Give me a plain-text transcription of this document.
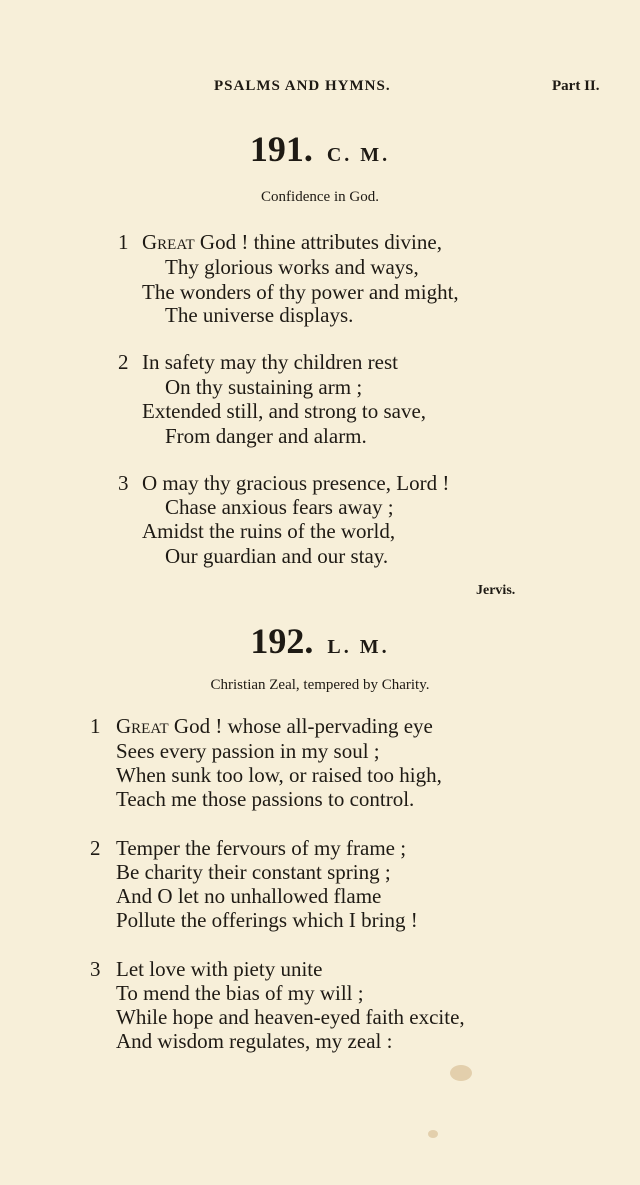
PSALMS AND HYMNS.	Part II.
191. C. M.
Confidence in God.
1 Great God ! thine attributes divine,
Thy glorious works and ways,
The wonders of thy power and might,
The universe displays.
2 In safety may thy children rest
On thy sustaining arm ;
Extended still, and strong to save,
From danger and alarm.
3 O may thy gracious presence, Lord !
Chase anxious fears away ;
Amidst the ruins of the world,
Our guardian and our stay.
Jervis.
192. L. M.
Christian Zeal, tempered by Charity.
1 Great God ! whose all-pervading eye
Sees every passion in my soul ;
When sunk too low, or raised too high,
Teach me those passions to control.
2 Temper the fervours of my frame ;
Be charity their constant spring ;
And O let no unhallowed flame
Pollute the offerings which I bring !
3 Let love with piety unite
To mend the bias of my will ;
While hope and heaven-eyed faith excite,
And wisdom regulates, my zeal :
